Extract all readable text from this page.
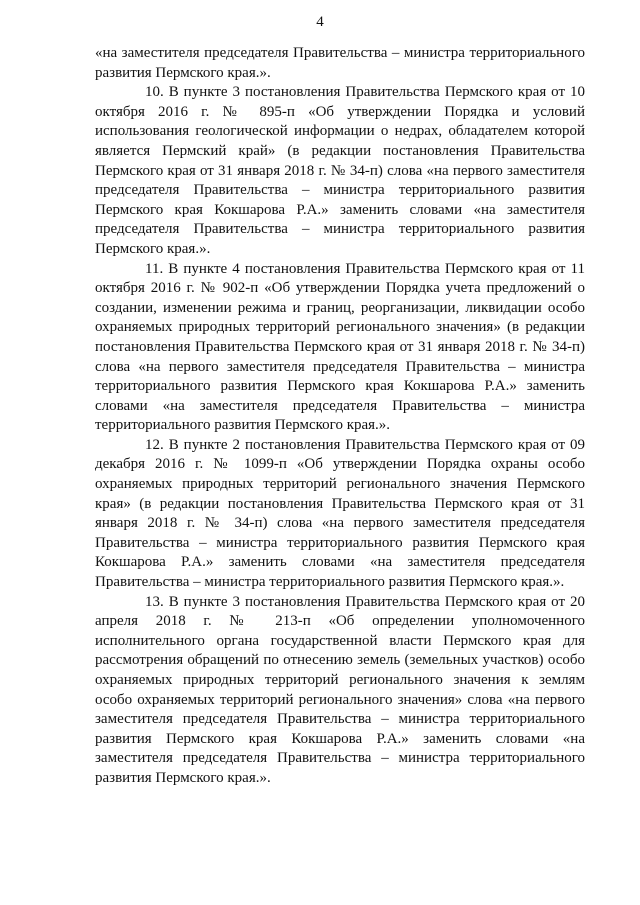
4

«на заместителя председателя Правительства – министра территориального развития Пермского края.».

10. В пункте 3 постановления Правительства Пермского края от 10 октября 2016 г. № 895-п «Об утверждении Порядка и условий использования геологической информации о недрах, обладателем которой является Пермский край» (в редакции постановления Правительства Пермского края от 31 января 2018 г. № 34-п) слова «на первого заместителя председателя Правительства – министра территориального развития Пермского края Кокшарова Р.А.» заменить словами «на заместителя председателя Правительства – министра территориального развития Пермского края.».

11. В пункте 4 постановления Правительства Пермского края от 11 октября 2016 г. № 902-п «Об утверждении Порядка учета предложений о создании, изменении режима и границ, реорганизации, ликвидации особо охраняемых природных территорий регионального значения» (в редакции постановления Правительства Пермского края от 31 января 2018 г. № 34-п) слова «на первого заместителя председателя Правительства – министра территориального развития Пермского края Кокшарова Р.А.» заменить словами «на заместителя председателя Правительства – министра территориального развития Пермского края.».

12. В пункте 2 постановления Правительства Пермского края от 09 декабря 2016 г. № 1099-п «Об утверждении Порядка охраны особо охраняемых природных территорий регионального значения Пермского края» (в редакции постановления Правительства Пермского края от 31 января 2018 г. № 34-п) слова «на первого заместителя председателя Правительства – министра территориального развития Пермского края Кокшарова Р.А.» заменить словами «на заместителя председателя Правительства – министра территориального развития Пермского края.».

13. В пункте 3 постановления Правительства Пермского края от 20 апреля 2018 г. № 213-п «Об определении уполномоченного исполнительного органа государственной власти Пермского края для рассмотрения обращений по отнесению земель (земельных участков) особо охраняемых природных территорий регионального значения к землям особо охраняемых территорий регионального значения» слова «на первого заместителя председателя Правительства – министра территориального развития Пермского края Кокшарова Р.А.» заменить словами «на заместителя председателя Правительства – министра территориального развития Пермского края.».
